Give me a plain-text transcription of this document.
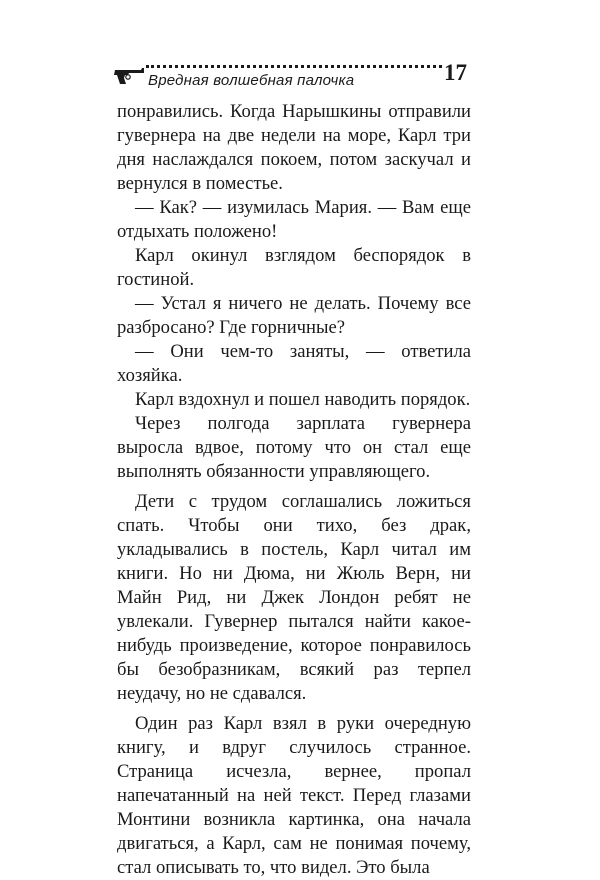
Вредная волшебная палочка	17

понравились. Когда Нарышкины отправили гувернера на две недели на море, Карл три дня наслаждался покоем, потом заскучал и вернулся в поместье.

— Как? — изумилась Мария. — Вам еще отдыхать положено!

Карл окинул взглядом беспорядок в гостиной.

— Устал я ничего не делать. Почему все разбросано? Где горничные?

— Они чем-то заняты, — ответила хозяйка.

Карл вздохнул и пошел наводить порядок.

Через полгода зарплата гувернера выросла вдвое, потому что он стал еще выполнять обязанности управляющего.

Дети с трудом соглашались ложиться спать. Чтобы они тихо, без драк, укладывались в постель, Карл читал им книги. Но ни Дюма, ни Жюль Верн, ни Майн Рид, ни Джек Лондон ребят не увлекали. Гувернер пытался найти какое-нибудь произведение, которое понравилось бы безобразникам, всякий раз терпел неудачу, но не сдавался.

Один раз Карл взял в руки очередную книгу, и вдруг случилось странное. Страница исчезла, вернее, пропал напечатанный на ней текст. Перед глазами Монтини возникла картинка, она начала двигаться, а Карл, сам не понимая почему, стал описывать то, что видел. Это была
